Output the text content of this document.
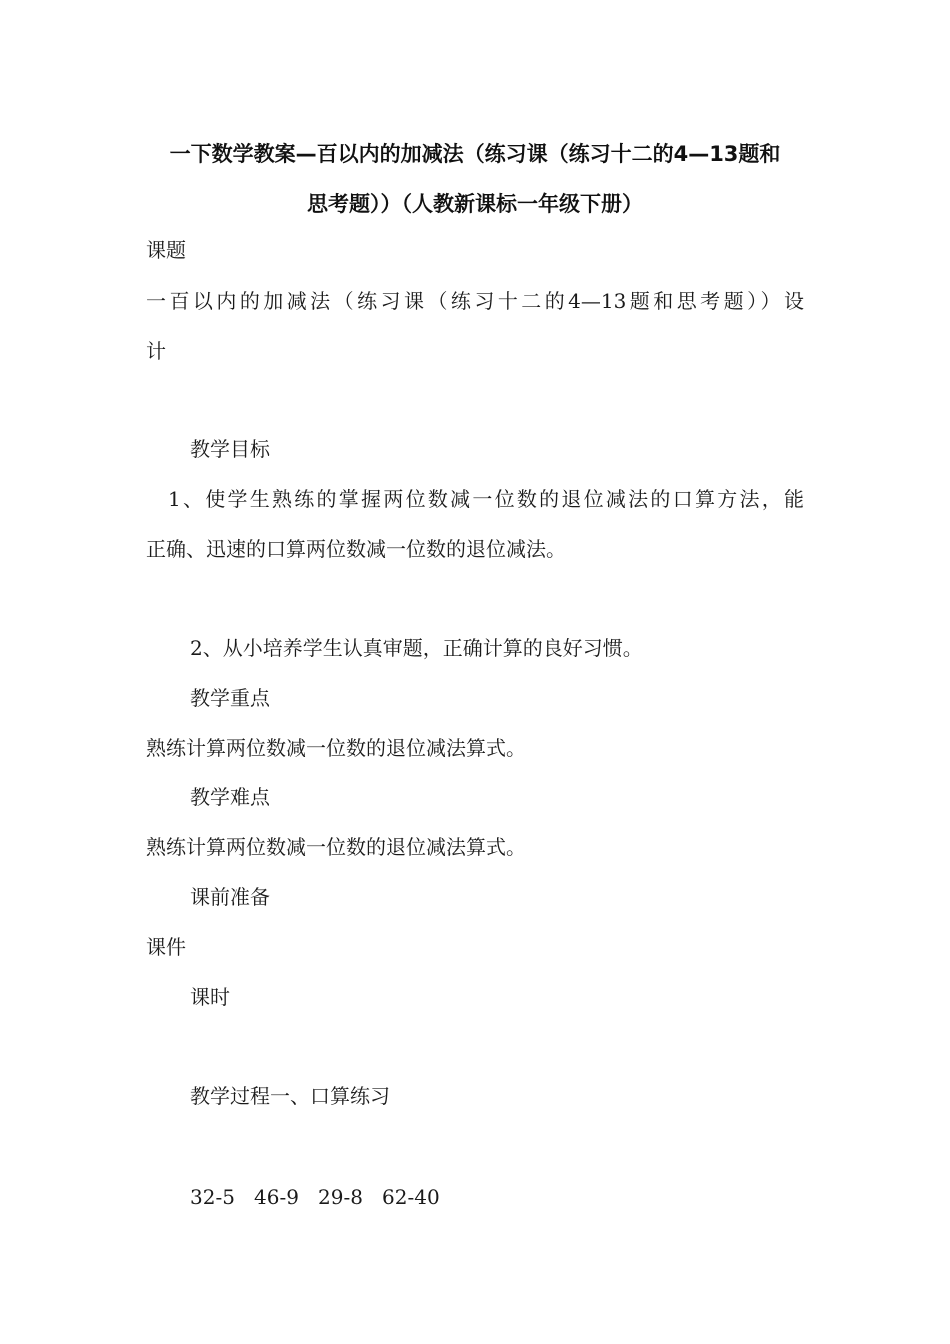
一下数学教案—百以内的加减法（练习课（练习十二的4—13题和
思考题））（人教新课标一年级下册）
课题
一百以内的加减法（练习课（练习十二的4—13题和思考题））设
计
教学目标
1、使学生熟练的掌握两位数减一位数的退位减法的口算方法，能
正确、迅速的口算两位数减一位数的退位减法。
2、从小培养学生认真审题，正确计算的良好习惯。
教学重点
熟练计算两位数减一位数的退位减法算式。
教学难点
熟练计算两位数减一位数的退位减法算式。
课前准备
课件
课时
教学过程一、口算练习
32-5   46-9   29-8   62-40
